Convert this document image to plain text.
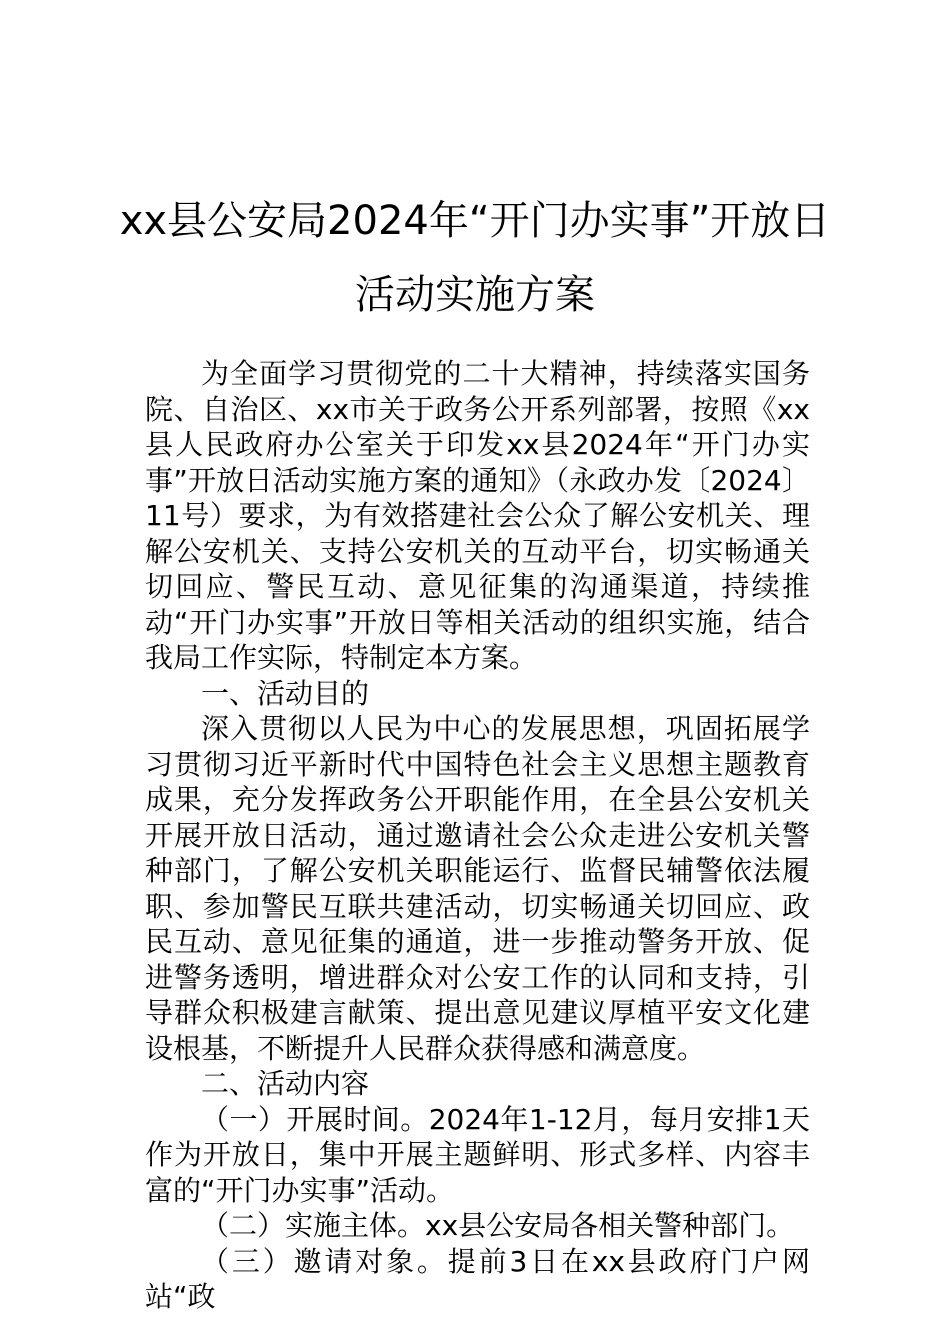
xx县公安局2024年“开门办实事”开放日
活动实施方案

为全面学习贯彻党的二十大精神，持续落实国务院、自治区、xx市关于政务公开系列部署，按照《xx县人民政府办公室关于印发xx县2024年“开门办实事”开放日活动实施方案的通知》（永政办发〔2024〕11号）要求，为有效搭建社会公众了解公安机关、理解公安机关、支持公安机关的互动平台，切实畅通关切回应、警民互动、意见征集的沟通渠道，持续推动“开门办实事”开放日等相关活动的组织实施，结合我局工作实际，特制定本方案。

一、活动目的

深入贯彻以人民为中心的发展思想，巩固拓展学习贯彻习近平新时代中国特色社会主义思想主题教育成果，充分发挥政务公开职能作用，在全县公安机关开展开放日活动，通过邀请社会公众走进公安机关警种部门，了解公安机关职能运行、监督民辅警依法履职、参加警民互联共建活动，切实畅通关切回应、政民互动、意见征集的通道，进一步推动警务开放、促进警务透明，增进群众对公安工作的认同和支持，引导群众积极建言献策、提出意见建议厚植平安文化建设根基，不断提升人民群众获得感和满意度。

二、活动内容

（一）开展时间。2024年1-12月，每月安排1天作为开放日，集中开展主题鲜明、形式多样、内容丰富的“开门办实事”活动。

（二）实施主体。xx县公安局各相关警种部门。

（三）邀请对象。提前3日在xx县政府门户网站“政
